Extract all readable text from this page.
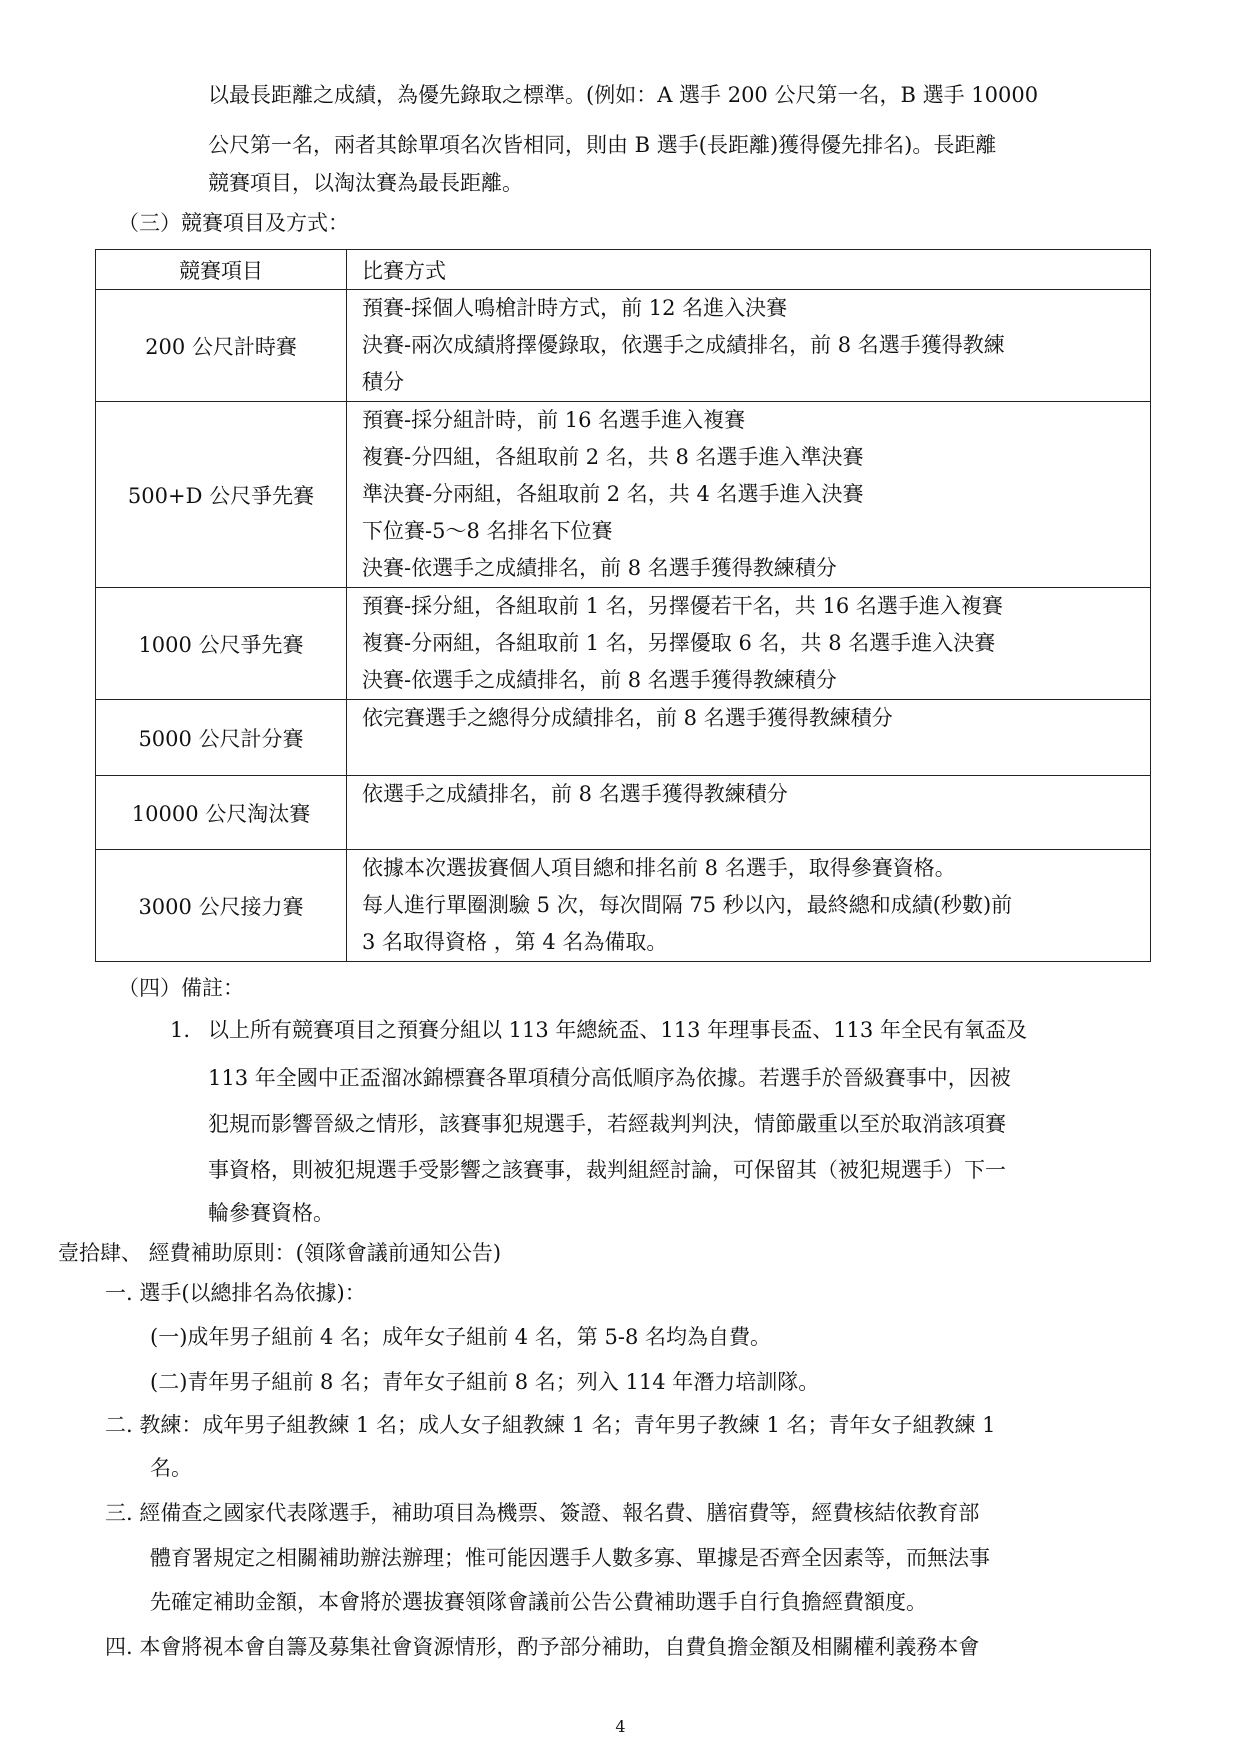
以最長距離之成績，為優先錄取之標準。(例如：A 選手 200 公尺第一名，B 選手 10000
公尺第一名，兩者其餘單項名次皆相同，則由 B 選手(長距離)獲得優先排名)。長距離
競賽項目，以淘汰賽為最長距離。
（三）競賽項目及方式：
競賽項目	比賽方式
200 公尺計時賽	預賽-採個人鳴槍計時方式，前 12 名進入決賽
決賽-兩次成績將擇優錄取，依選手之成績排名，前 8 名選手獲得教練
積分

500+D 公尺爭先賽	預賽-採分組計時，前 16 名選手進入複賽
複賽-分四組，各組取前 2 名，共 8 名選手進入準決賽
準決賽-分兩組，各組取前 2 名，共 4 名選手進入決賽
下位賽-5～8 名排名下位賽
決賽-依選手之成績排名，前 8 名選手獲得教練積分

1000 公尺爭先賽	預賽-採分組，各組取前 1 名，另擇優若干名，共 16 名選手進入複賽
複賽-分兩組，各組取前 1 名，另擇優取 6 名，共 8 名選手進入決賽
決賽-依選手之成績排名，前 8 名選手獲得教練積分

5000 公尺計分賽	依完賽選手之總得分成績排名，前 8 名選手獲得教練積分

10000 公尺淘汰賽	依選手之成績排名，前 8 名選手獲得教練積分

3000 公尺接力賽	依據本次選拔賽個人項目總和排名前 8 名選手，取得參賽資格。
每人進行單圈測驗 5 次，每次間隔 75 秒以內，最終總和成績(秒數)前
3 名取得資格 ，第 4 名為備取。
（四）備註：
1. 以上所有競賽項目之預賽分組以 113 年總統盃、113 年理事長盃、113 年全民有氧盃及
113 年全國中正盃溜冰錦標賽各單項積分高低順序為依據。若選手於晉級賽事中，因被
犯規而影響晉級之情形，該賽事犯規選手，若經裁判判決，情節嚴重以至於取消該項賽
事資格，則被犯規選手受影響之該賽事，裁判組經討論，可保留其（被犯規選手）下一
輪參賽資格。
壹拾肆、 經費補助原則：(領隊會議前通知公告)
一. 選手(以總排名為依據)：
(一)成年男子組前 4 名；成年女子組前 4 名，第 5-8 名均為自費。
(二)青年男子組前 8 名；青年女子組前 8 名；列入 114 年潛力培訓隊。
二. 教練：成年男子組教練 1 名；成人女子組教練 1 名；青年男子教練 1 名；青年女子組教練 1
名。
三. 經備查之國家代表隊選手，補助項目為機票、簽證、報名費、膳宿費等，經費核結依教育部
體育署規定之相關補助辦法辦理；惟可能因選手人數多寡、單據是否齊全因素等，而無法事
先確定補助金額，本會將於選拔賽領隊會議前公告公費補助選手自行負擔經費額度。
四. 本會將視本會自籌及募集社會資源情形，酌予部分補助，自費負擔金額及相關權利義務本會
4
